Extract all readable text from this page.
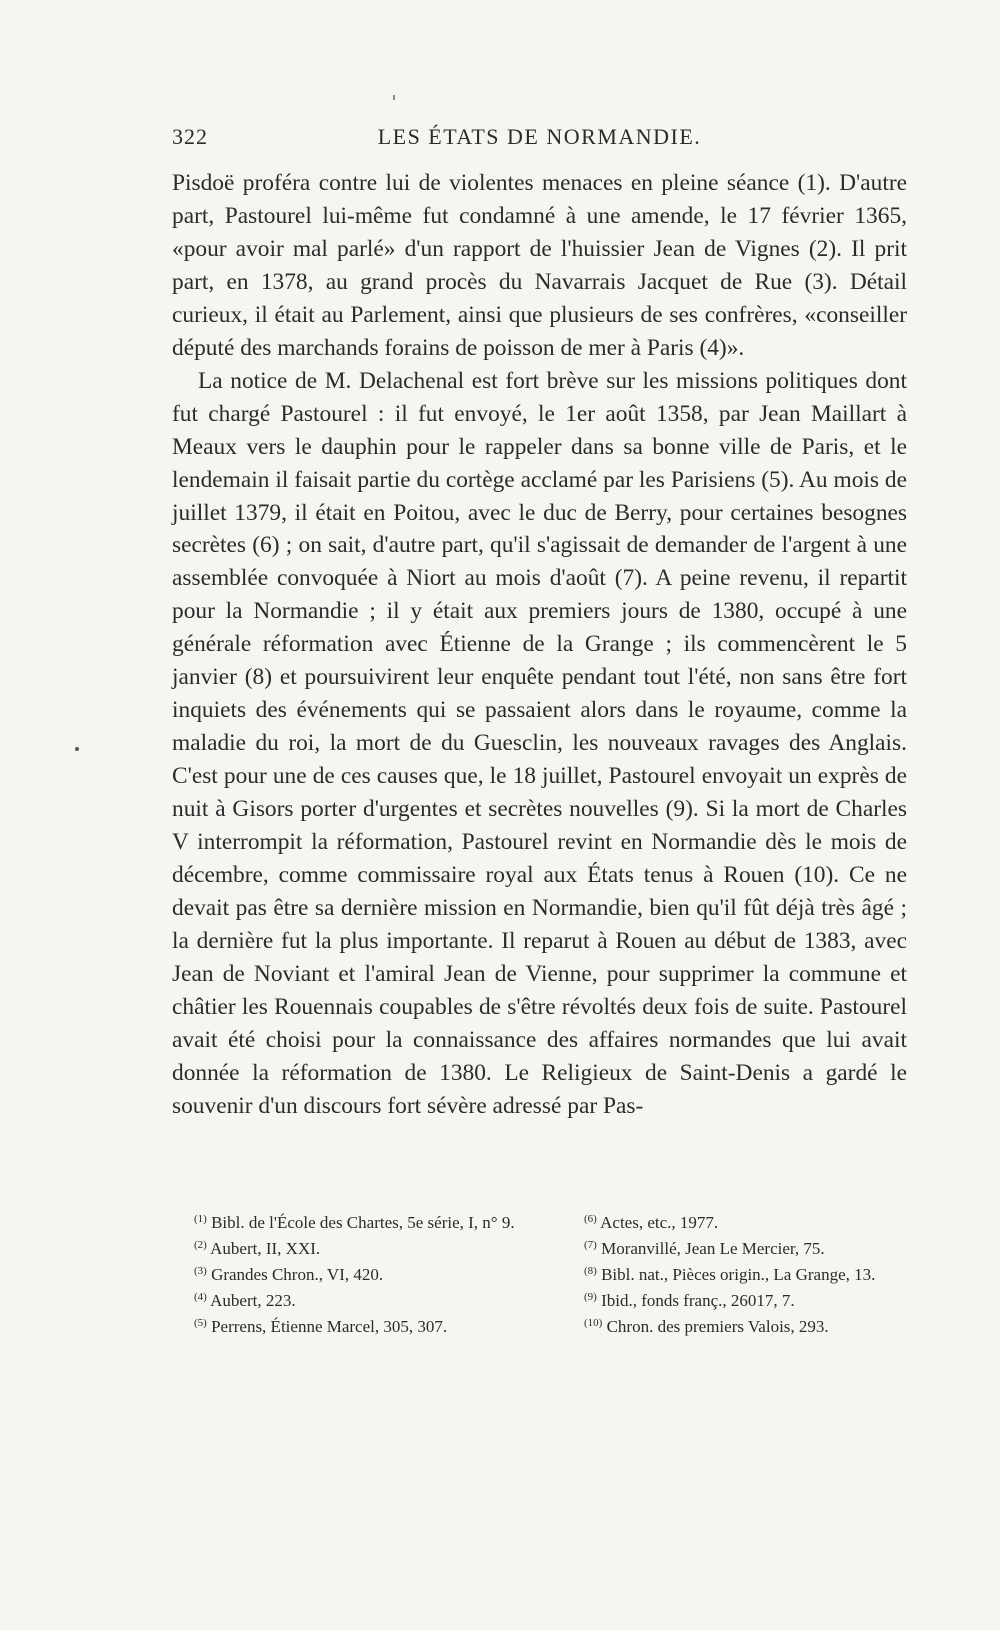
322	LES ÉTATS DE NORMANDIE.

Pisdoë proféra contre lui de violentes menaces en pleine séance (1). D'autre part, Pastourel lui-même fut condamné à une amende, le 17 février 1365, «pour avoir mal parlé» d'un rapport de l'huissier Jean de Vignes (2). Il prit part, en 1378, au grand procès du Navarrais Jacquet de Rue (3). Détail curieux, il était au Parlement, ainsi que plusieurs de ses confrères, «conseiller député des marchands forains de poisson de mer à Paris (4)».

La notice de M. Delachenal est fort brève sur les missions politiques dont fut chargé Pastourel : il fut envoyé, le 1er août 1358, par Jean Maillart à Meaux vers le dauphin pour le rappeler dans sa bonne ville de Paris, et le lendemain il faisait partie du cortège acclamé par les Parisiens (5). Au mois de juillet 1379, il était en Poitou, avec le duc de Berry, pour certaines besognes secrètes (6) ; on sait, d'autre part, qu'il s'agissait de demander de l'argent à une assemblée convoquée à Niort au mois d'août (7). A peine revenu, il repartit pour la Normandie ; il y était aux premiers jours de 1380, occupé à une générale réformation avec Étienne de la Grange ; ils commencèrent le 5 janvier (8) et poursuivirent leur enquête pendant tout l'été, non sans être fort inquiets des événements qui se passaient alors dans le royaume, comme la maladie du roi, la mort de du Guesclin, les nouveaux ravages des Anglais. C'est pour une de ces causes que, le 18 juillet, Pastourel envoyait un exprès de nuit à Gisors porter d'urgentes et secrètes nouvelles (9). Si la mort de Charles V interrompit la réformation, Pastourel revint en Normandie dès le mois de décembre, comme commissaire royal aux États tenus à Rouen (10). Ce ne devait pas être sa dernière mission en Normandie, bien qu'il fût déjà très âgé ; la dernière fut la plus importante. Il reparut à Rouen au début de 1383, avec Jean de Noviant et l'amiral Jean de Vienne, pour supprimer la commune et châtier les Rouennais coupables de s'être révoltés deux fois de suite. Pastourel avait été choisi pour la connaissance des affaires normandes que lui avait donnée la réformation de 1380. Le Religieux de Saint-Denis a gardé le souvenir d'un discours fort sévère adressé par Pas-

$^{(1)}$ Bibl. de l'École des Chartes, 5e série, I, n° 9.

$^{(2)}$ Aubert, II, XXI.

$^{(3)}$ Grandes Chron., VI, 420.

$^{(4)}$ Aubert, 223.

$^{(5)}$ Perrens, Étienne Marcel, 305, 307.

$^{(6)}$ Actes, etc., 1977.

$^{(7)}$ Moranvillé, Jean Le Mercier, 75.

$^{(8)}$ Bibl. nat., Pièces origin., La Grange, 13.

$^{(9)}$ Ibid., fonds franç., 26017, 7.

$^{(10)}$ Chron. des premiers Valois, 293.
